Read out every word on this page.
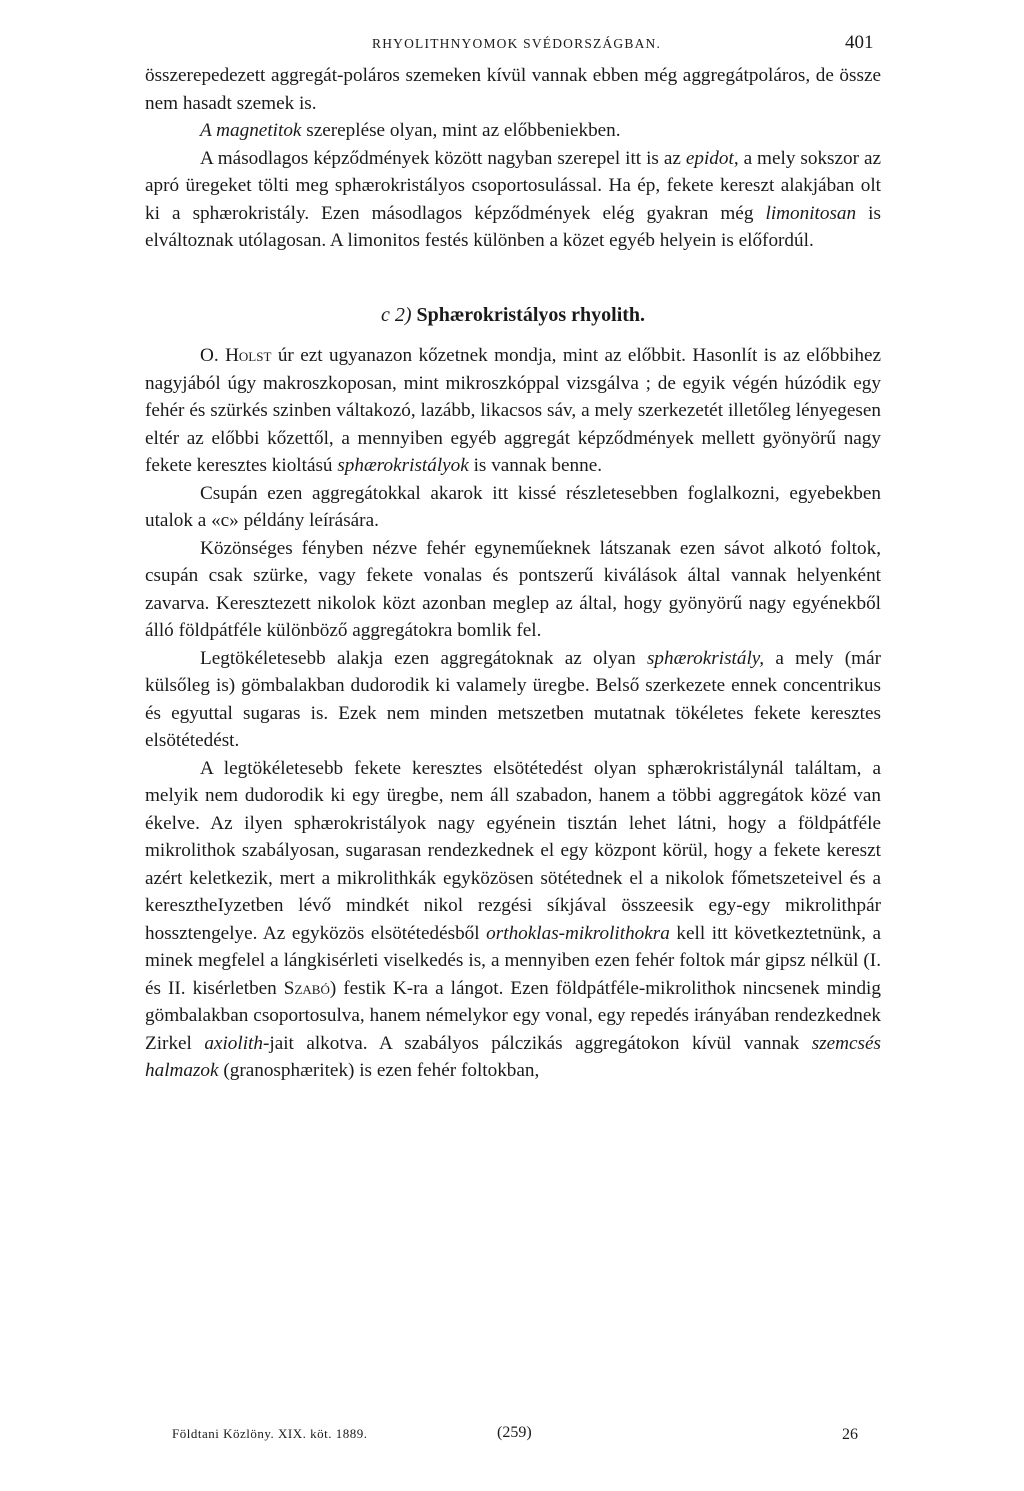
RHYOLITHNYOMOK SVÉDORSZÁGBAN.	401

összerepedezett aggregát-poláros szemeken kívül vannak ebben még aggregátpoláros, de össze nem hasadt szemek is.

A magnetitok szereplése olyan, mint az előbbeniekben.

A másodlagos képződmények között nagyban szerepel itt is az epidot, a mely sokszor az apró üregeket tölti meg sphærokristályos csoportosulással. Ha ép, fekete kereszt alakjában olt ki a sphærokristály. Ezen másodlagos képződmények elég gyakran még limonitosan is elváltoznak utólagosan. A limonitos festés különben a közet egyéb helyein is előfordúl.

c 2) Sphærokristályos rhyolith.

O. Holst úr ezt ugyanazon kőzetnek mondja, mint az előbbit. Hasonlít is az előbbihez nagyjából úgy makroszkoposan, mint mikroszkóppal vizsgálva ; de egyik végén húzódik egy fehér és szürkés szinben váltakozó, lazább, likacsos sáv, a mely szerkezetét illetőleg lényegesen eltér az előbbi kőzettől, a mennyiben egyéb aggregát képződmények mellett gyönyörű nagy fekete keresztes kioltású sphærokristályok is vannak benne.

Csupán ezen aggregátokkal akarok itt kissé részletesebben foglalkozni, egyebekben utalok a «c» példány leírására.

Közönséges fényben nézve fehér egyneműeknek látszanak ezen sávot alkotó foltok, csupán csak szürke, vagy fekete vonalas és pontszerű kiválások által vannak helyenként zavarva. Keresztezett nikolok közt azonban meglep az által, hogy gyönyörű nagy egyénekből álló földpátféle különböző aggregátokra bomlik fel.

Legtökéletesebb alakja ezen aggregátoknak az olyan sphærokristály, a mely (már külsőleg is) gömbalakban dudorodik ki valamely üregbe. Belső szerkezete ennek concentrikus és egyuttal sugaras is. Ezek nem minden metszetben mutatnak tökéletes fekete keresztes elsötétedést.

A legtökéletesebb fekete keresztes elsötétedést olyan sphærokristálynál találtam, a melyik nem dudorodik ki egy üregbe, nem áll szabadon, hanem a többi aggregátok közé van ékelve. Az ilyen sphærokristályok nagy egyénein tisztán lehet látni, hogy a földpátféle mikrolithok szabályosan, sugarasan rendezkednek el egy központ körül, hogy a fekete kereszt azért keletkezik, mert a mikrolithkák egyközösen sötétednek el a nikolok főmetszeteivel és a keresztheIyzetben lévő mindkét nikol rezgési síkjával összeesik egy-egy mikrolithpár hossztengelye. Az egyközös elsötétedésből orthoklas-mikrolithokra kell itt következtetnünk, a minek megfelel a lángkisérleti viselkedés is, a mennyiben ezen fehér foltok már gipsz nélkül (I. és II. kisérletben Szabó) festik K-ra a lángot. Ezen földpátféle-mikrolithok nincsenek mindig gömbalakban csoportosulva, hanem némelykor egy vonal, egy repedés irányában rendezkednek Zirkel axiolith-jait alkotva. A szabályos pálczikás aggregátokon kívül vannak szemcsés halmazok (granosphæritek) is ezen fehér foltokban,

Földtani Közlöny. XIX. köt. 1889.	(259)	26
